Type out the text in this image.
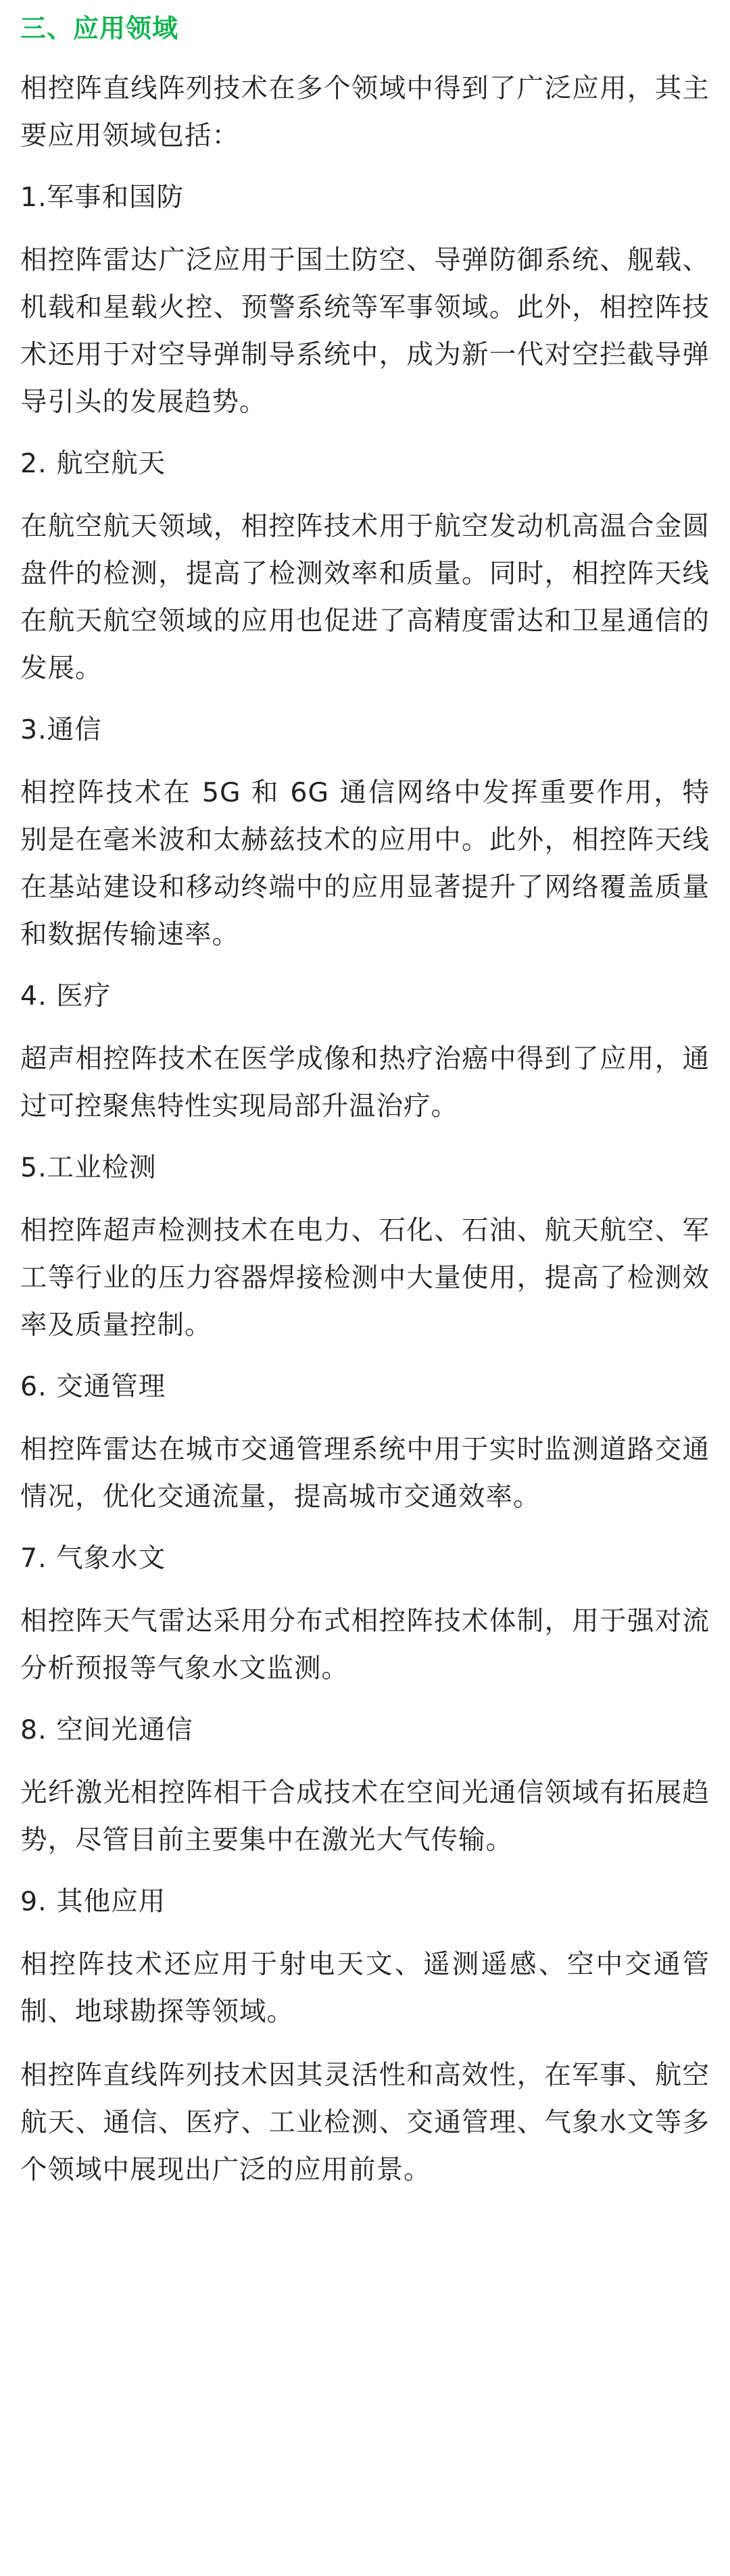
三、应用领域
相控阵直线阵列技术在多个领域中得到了广泛应用，其主要应用领域包括：
1.军事和国防
相控阵雷达广泛应用于国土防空、导弹防御系统、舰载、机载和星载火控、预警系统等军事领域。此外，相控阵技术还用于对空导弹制导系统中，成为新一代对空拦截导弹导引头的发展趋势。
2. 航空航天
在航空航天领域，相控阵技术用于航空发动机高温合金圆盘件的检测，提高了检测效率和质量。同时，相控阵天线在航天航空领域的应用也促进了高精度雷达和卫星通信的发展。
3.通信
相控阵技术在 5G 和 6G 通信网络中发挥重要作用，特别是在毫米波和太赫兹技术的应用中。此外，相控阵天线在基站建设和移动终端中的应用显著提升了网络覆盖质量和数据传输速率。
4. 医疗
超声相控阵技术在医学成像和热疗治癌中得到了应用，通过可控聚焦特性实现局部升温治疗。
5.工业检测
相控阵超声检测技术在电力、石化、石油、航天航空、军工等行业的压力容器焊接检测中大量使用，提高了检测效率及质量控制。
6. 交通管理
相控阵雷达在城市交通管理系统中用于实时监测道路交通情况，优化交通流量，提高城市交通效率。
7. 气象水文
相控阵天气雷达采用分布式相控阵技术体制，用于强对流分析预报等气象水文监测。
8. 空间光通信
光纤激光相控阵相干合成技术在空间光通信领域有拓展趋势，尽管目前主要集中在激光大气传输。
9. 其他应用
相控阵技术还应用于射电天文、遥测遥感、空中交通管制、地球勘探等领域。
相控阵直线阵列技术因其灵活性和高效性，在军事、航空航天、通信、医疗、工业检测、交通管理、气象水文等多个领域中展现出广泛的应用前景。
